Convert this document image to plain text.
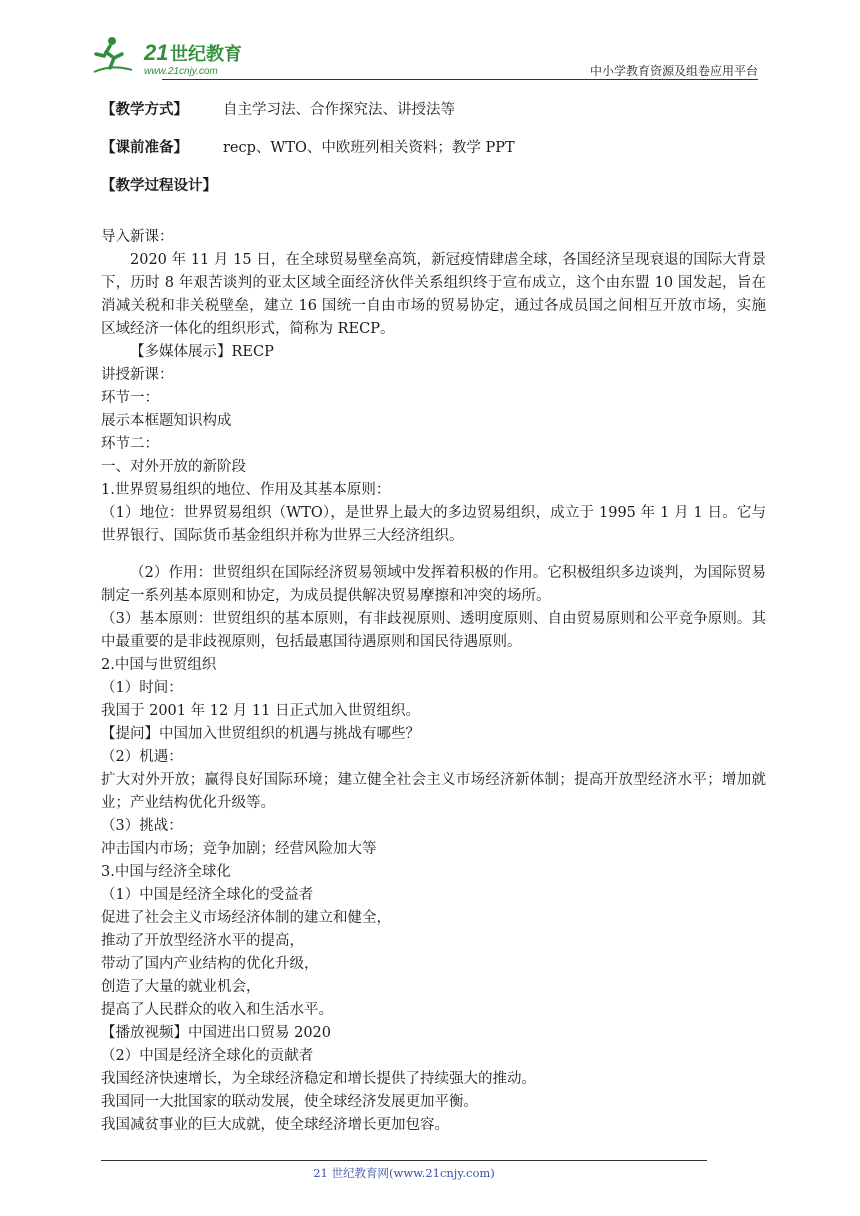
21 世纪教育
www.21cnjy.com	中小学教育资源及组卷应用平台
【教学方式】 自主学习法、合作探究法、讲授法等
【课前准备】 recp、WTO、中欧班列相关资料；教学 PPT
【教学过程设计】
导入新课：
2020 年 11 月 15 日，在全球贸易壁垒高筑，新冠疫情肆虐全球，各国经济呈现衰退的国际大背景下，历时 8 年艰苦谈判的亚太区域全面经济伙伴关系组织终于宣布成立，这个由东盟 10 国发起，旨在消减关税和非关税壁垒，建立 16 国统一自由市场的贸易协定，通过各成员国之间相互开放市场，实施区域经济一体化的组织形式，简称为 RECP。
【多媒体展示】RECP
讲授新课：
环节一：
展示本框题知识构成
环节二：
一、对外开放的新阶段
1.世界贸易组织的地位、作用及其基本原则：
（1）地位：世界贸易组织（WTO），是世界上最大的多边贸易组织，成立于 1995 年 1 月 1 日。它与世界银行、国际货币基金组织并称为世界三大经济组织。
（2）作用：世贸组织在国际经济贸易领域中发挥着积极的作用。它积极组织多边谈判，为国际贸易制定一系列基本原则和协定，为成员提供解决贸易摩擦和冲突的场所。
（3）基本原则：世贸组织的基本原则，有非歧视原则、透明度原则、自由贸易原则和公平竞争原则。其中最重要的是非歧视原则，包括最惠国待遇原则和国民待遇原则。
2.中国与世贸组织
（1）时间：
我国于 2001 年 12 月 11 日正式加入世贸组织。
【提问】中国加入世贸组织的机遇与挑战有哪些？
（2）机遇：
扩大对外开放；赢得良好国际环境；建立健全社会主义市场经济新体制；提高开放型经济水平；增加就业；产业结构优化升级等。
（3）挑战：
冲击国内市场；竞争加剧；经营风险加大等
3.中国与经济全球化
（1）中国是经济全球化的受益者
促进了社会主义市场经济体制的建立和健全，
推动了开放型经济水平的提高，
带动了国内产业结构的优化升级，
创造了大量的就业机会，
提高了人民群众的收入和生活水平。
【播放视频】中国进出口贸易 2020
（2）中国是经济全球化的贡献者
我国经济快速增长，为全球经济稳定和增长提供了持续强大的推动。
我国同一大批国家的联动发展，使全球经济发展更加平衡。
我国减贫事业的巨大成就，使全球经济增长更加包容。
21 世纪教育网(www.21cnjy.com)
